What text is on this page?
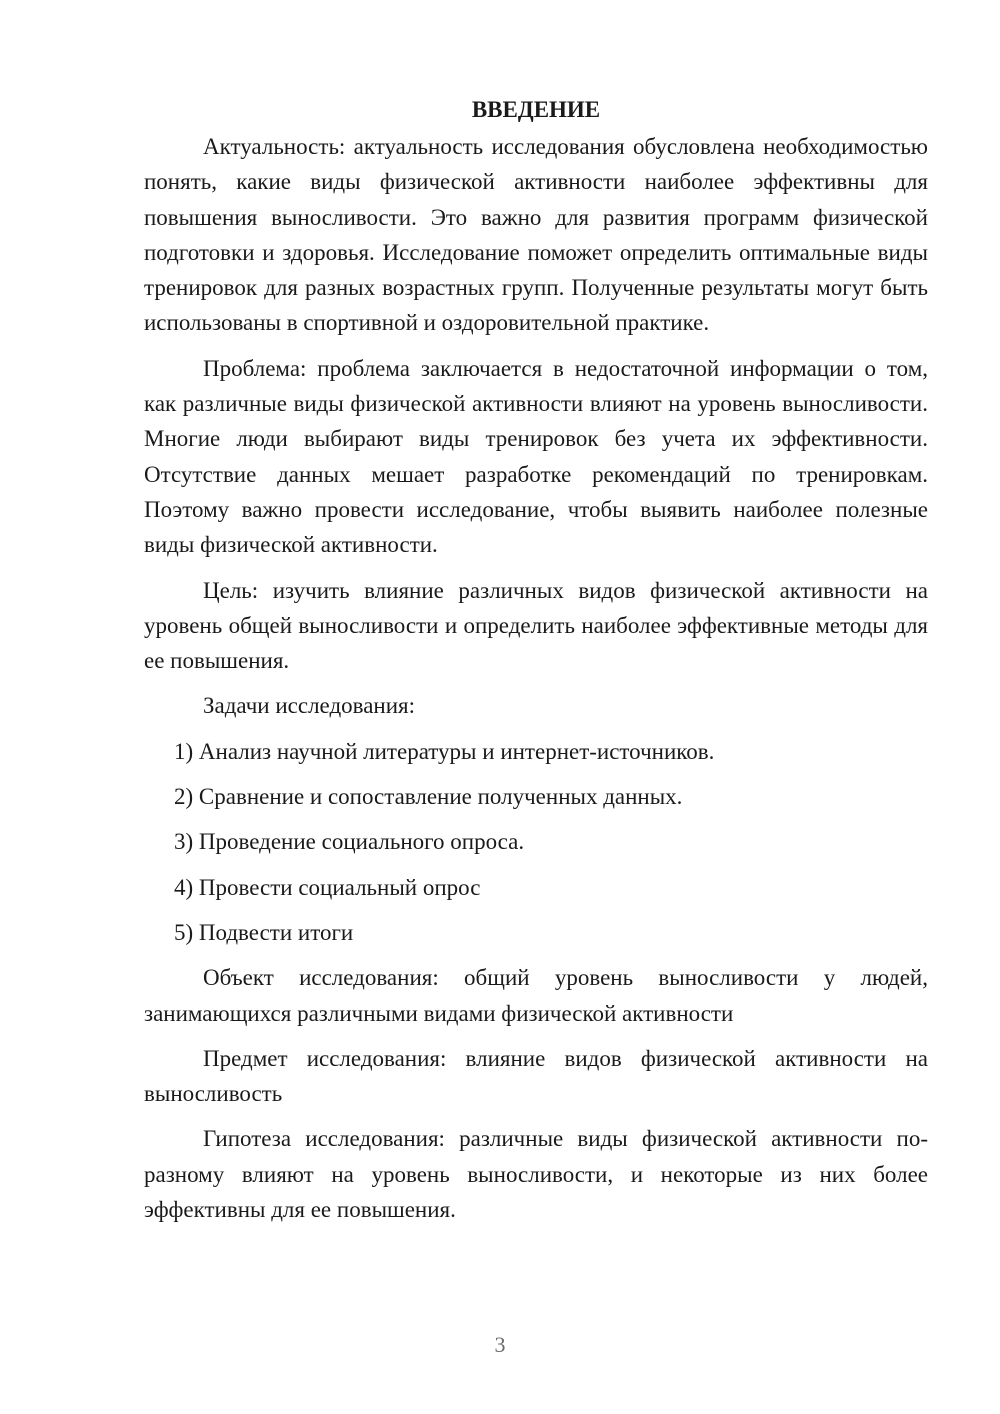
ВВЕДЕНИЕ

Актуальность: актуальность исследования обусловлена необходимостью понять, какие виды физической активности наиболее эффективны для повышения выносливости. Это важно для развития программ физической подготовки и здоровья. Исследование поможет определить оптимальные виды тренировок для разных возрастных групп. Полученные результаты могут быть использованы в спортивной и оздоровительной практике.

Проблема: проблема заключается в недостаточной информации о том, как различные виды физической активности влияют на уровень выносливости. Многие люди выбирают виды тренировок без учета их эффективности. Отсутствие данных мешает разработке рекомендаций по тренировкам. Поэтому важно провести исследование, чтобы выявить наиболее полезные виды физической активности.

Цель: изучить влияние различных видов физической активности на уровень общей выносливости и определить наиболее эффективные методы для ее повышения.

Задачи исследования:

1) Анализ научной литературы и интернет-источников.
2) Сравнение и сопоставление полученных данных.
3) Проведение социального опроса.
4) Провести социальный опрос
5) Подвести итоги

Объект исследования: общий уровень выносливости у людей, занимающихся различными видами физической активности

Предмет исследования: влияние видов физической активности на выносливость

Гипотеза исследования: различные виды физической активности по-разному влияют на уровень выносливости, и некоторые из них более эффективны для ее повышения.

3
